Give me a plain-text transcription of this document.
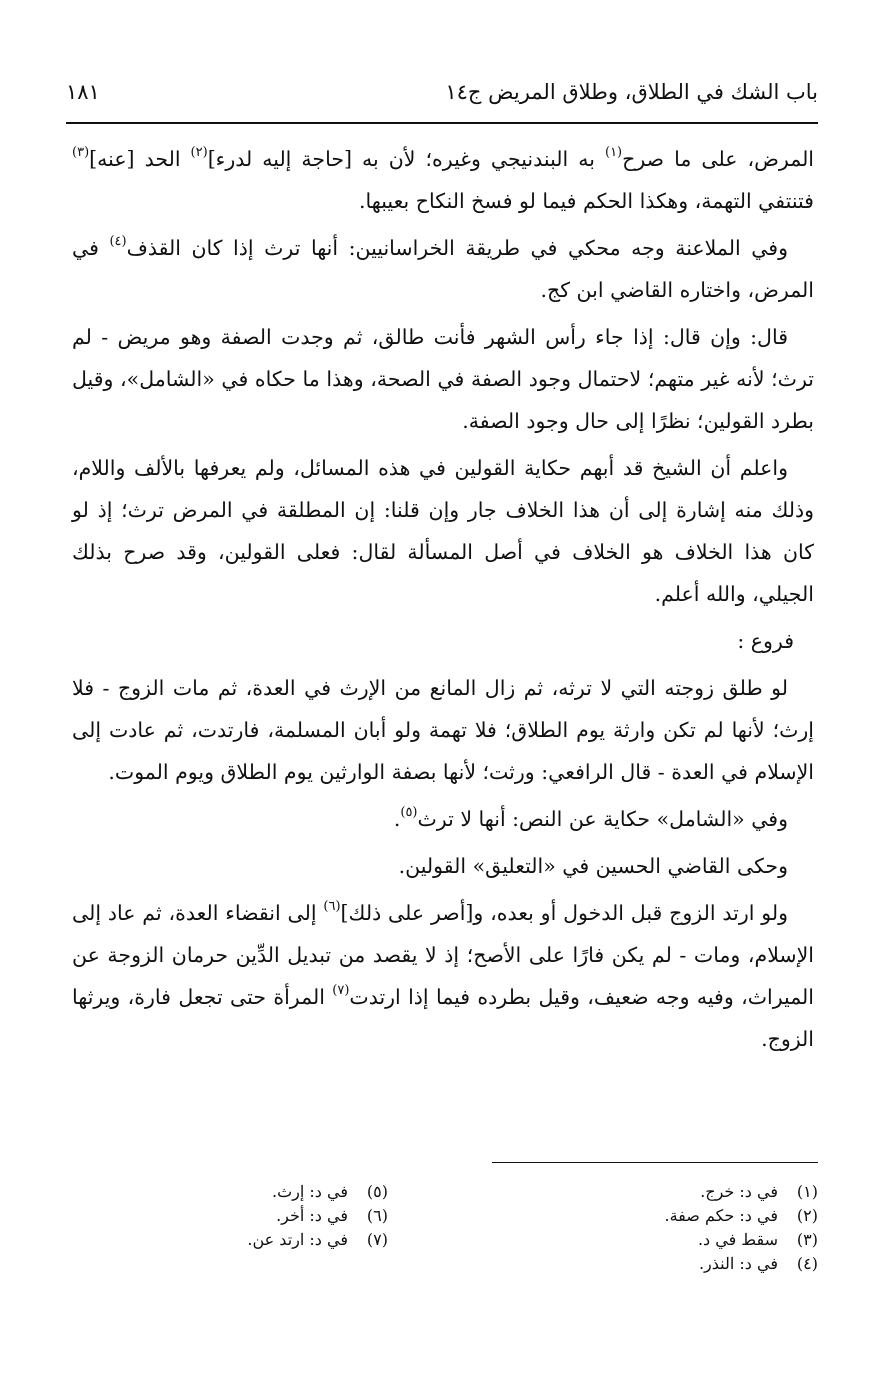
باب الشك في الطلاق، وطلاق المريض ج١٤
١٨١

المرض، على ما صرح$^{(١)}$ به البندنيجي وغيره؛ لأن به [حاجة إليه لدرء]$^{(٢)}$ الحد [عنه]$^{(٣)}$ فتنتفي التهمة، وهكذا الحكم فيما لو فسخ النكاح بعيبها.

وفي الملاعنة وجه محكي في طريقة الخراسانيين: أنها ترث إذا كان القذف$^{(٤)}$ في المرض، واختاره القاضي ابن كج.

قال: وإن قال: إذا جاء رأس الشهر فأنت طالق، ثم وجدت الصفة وهو مريض - لم ترث؛ لأنه غير متهم؛ لاحتمال وجود الصفة في الصحة، وهذا ما حكاه في «الشامل»، وقيل بطرد القولين؛ نظرًا إلى حال وجود الصفة.

واعلم أن الشيخ قد أبهم حكاية القولين في هذه المسائل، ولم يعرفها بالألف واللام، وذلك منه إشارة إلى أن هذا الخلاف جار وإن قلنا: إن المطلقة في المرض ترث؛ إذ لو كان هذا الخلاف هو الخلاف في أصل المسألة لقال: فعلى القولين، وقد صرح بذلك الجيلي، والله أعلم.

فروع :

لو طلق زوجته التي لا ترثه، ثم زال المانع من الإرث في العدة، ثم مات الزوج - فلا إرث؛ لأنها لم تكن وارثة يوم الطلاق؛ فلا تهمة ولو أبان المسلمة، فارتدت، ثم عادت إلى الإسلام في العدة - قال الرافعي: ورثت؛ لأنها بصفة الوارثين يوم الطلاق ويوم الموت.

وفي «الشامل» حكاية عن النص: أنها لا ترث$^{(٥)}$.

وحكى القاضي الحسين في «التعليق» القولين.

ولو ارتد الزوج قبل الدخول أو بعده، و[أصر على ذلك]$^{(٦)}$ إلى انقضاء العدة، ثم عاد إلى الإسلام، ومات - لم يكن فارًا على الأصح؛ إذ لا يقصد من تبديل الدِّين حرمان الزوجة عن الميراث، وفيه وجه ضعيف، وقيل بطرده فيما إذا ارتدت$^{(٧)}$ المرأة حتى تجعل فارة، ويرثها الزوج.

(١)في د: خرج.
(٢)في د: حكم صفة.
(٣)سقط في د.
(٤)في د: النذر.
(٥)في د: إرث.
(٦)في د: أخر.
(٧)في د: ارتد عن.
